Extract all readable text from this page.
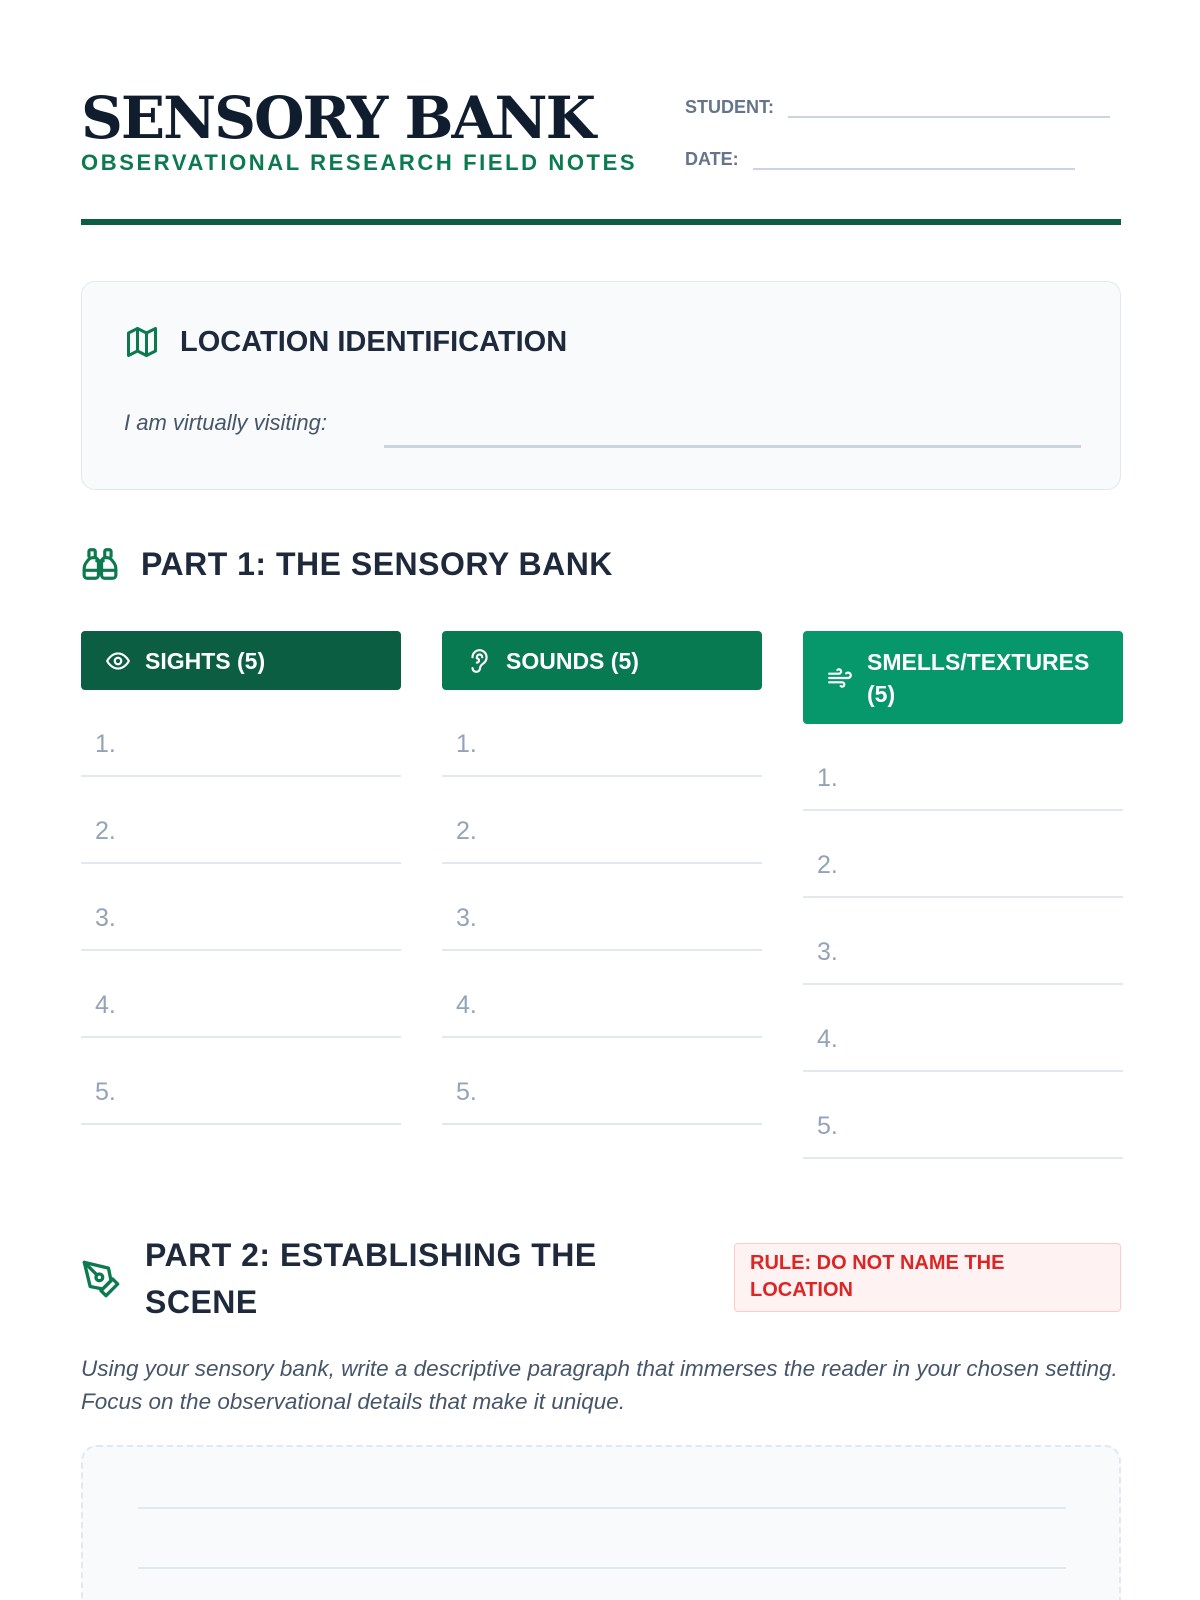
SENSORY BANK
OBSERVATIONAL RESEARCH FIELD NOTES
STUDENT:
DATE:
LOCATION IDENTIFICATION
I am virtually visiting:
PART 1: THE SENSORY BANK
SIGHTS (5)
1.
2.
3.
4.
5.
SOUNDS (5)
1.
2.
3.
4.
5.
SMELLS/TEXTURES (5)
1.
2.
3.
4.
5.
PART 2: ESTABLISHING THE SCENE
RULE: DO NOT NAME THE LOCATION
Using your sensory bank, write a descriptive paragraph that immerses the reader in your chosen setting. Focus on the observational details that make it unique.
